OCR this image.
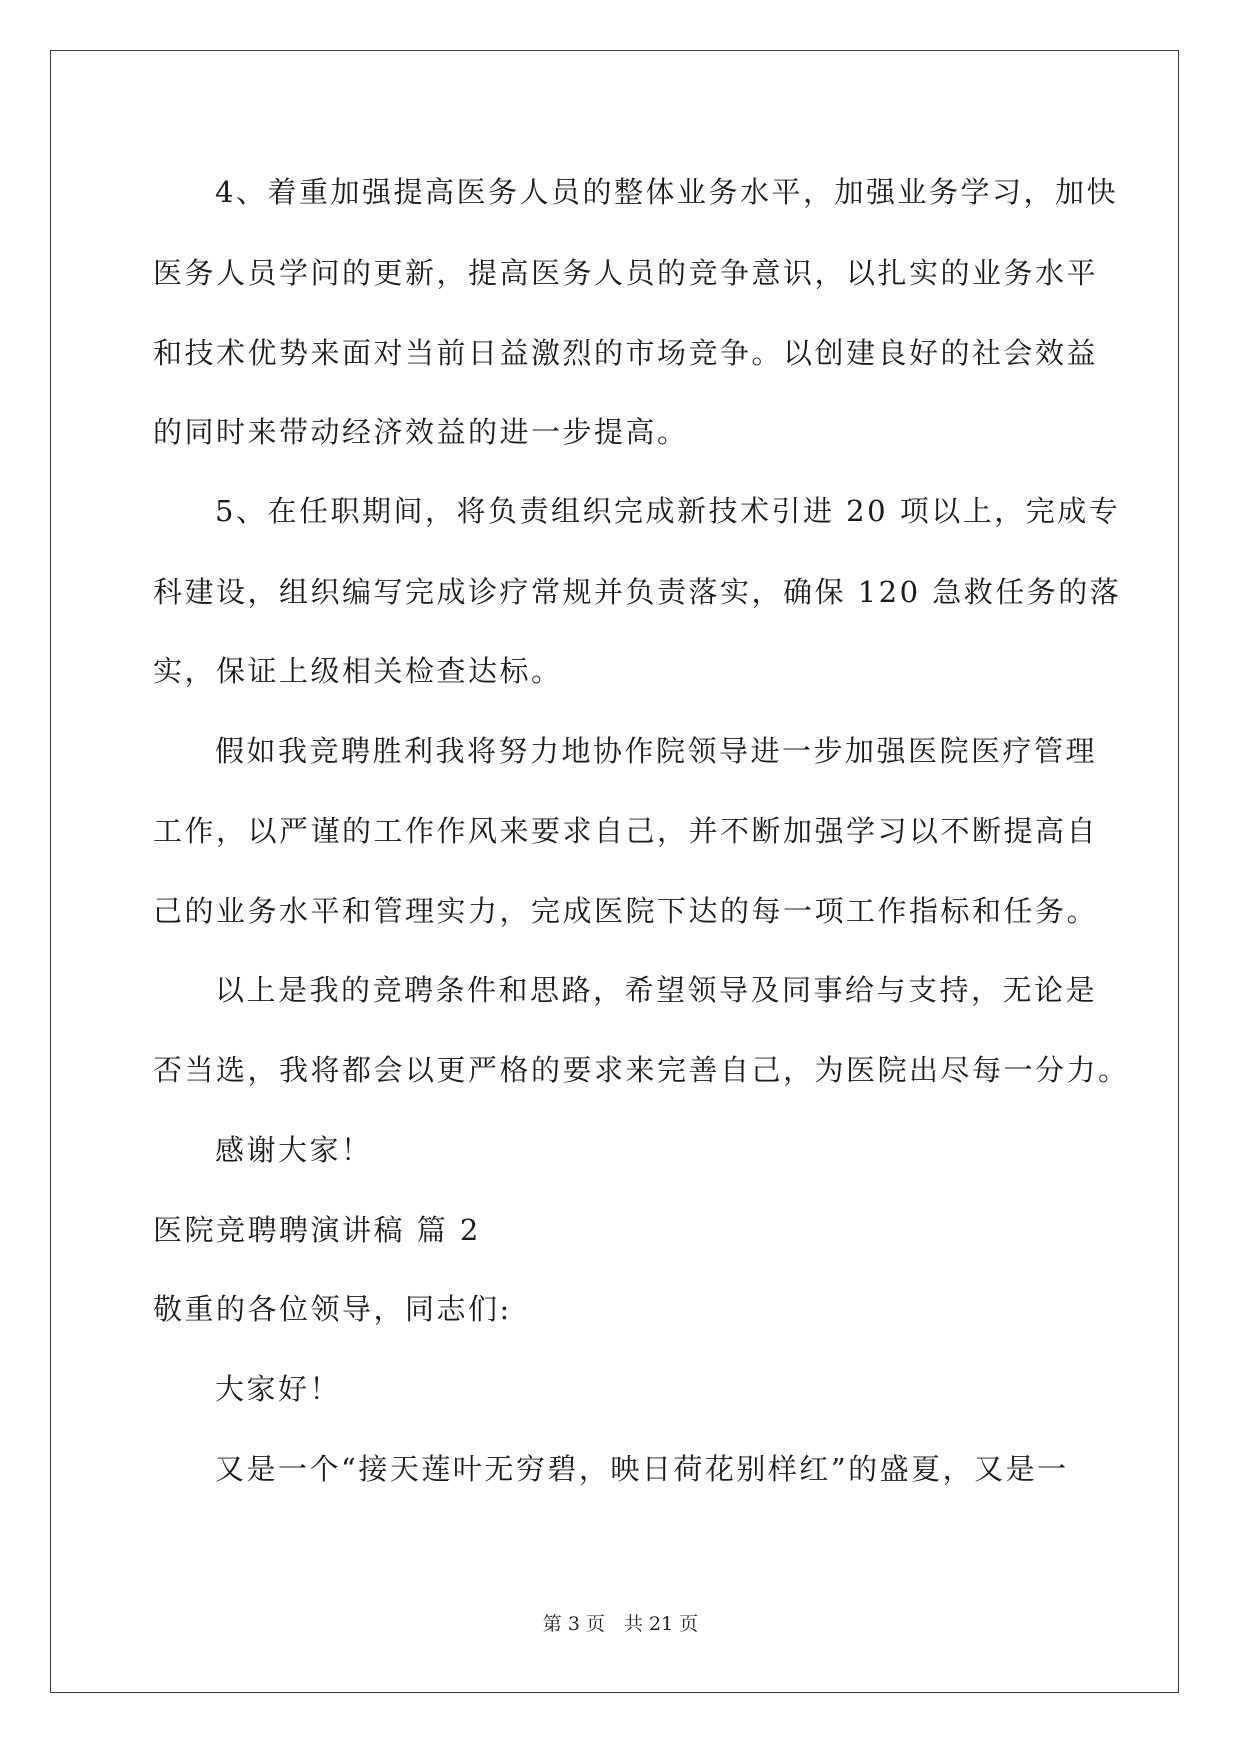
4、着重加强提高医务人员的整体业务水平，加强业务学习，加快
医务人员学问的更新，提高医务人员的竞争意识，以扎实的业务水平
和技术优势来面对当前日益激烈的市场竞争。以创建良好的社会效益
的同时来带动经济效益的进一步提高。
5、在任职期间，将负责组织完成新技术引进 20 项以上，完成专
科建设，组织编写完成诊疗常规并负责落实，确保 120 急救任务的落
实，保证上级相关检查达标。
假如我竞聘胜利我将努力地协作院领导进一步加强医院医疗管理
工作，以严谨的工作作风来要求自己，并不断加强学习以不断提高自
己的业务水平和管理实力，完成医院下达的每一项工作指标和任务。
以上是我的竞聘条件和思路，希望领导及同事给与支持，无论是
否当选，我将都会以更严格的要求来完善自己，为医院出尽每一分力。
感谢大家！
医院竞聘聘演讲稿 篇 2
敬重的各位领导，同志们:
大家好！
又是一个“接天莲叶无穷碧，映日荷花别样红”的盛夏，又是一
第 3 页　共 21 页
